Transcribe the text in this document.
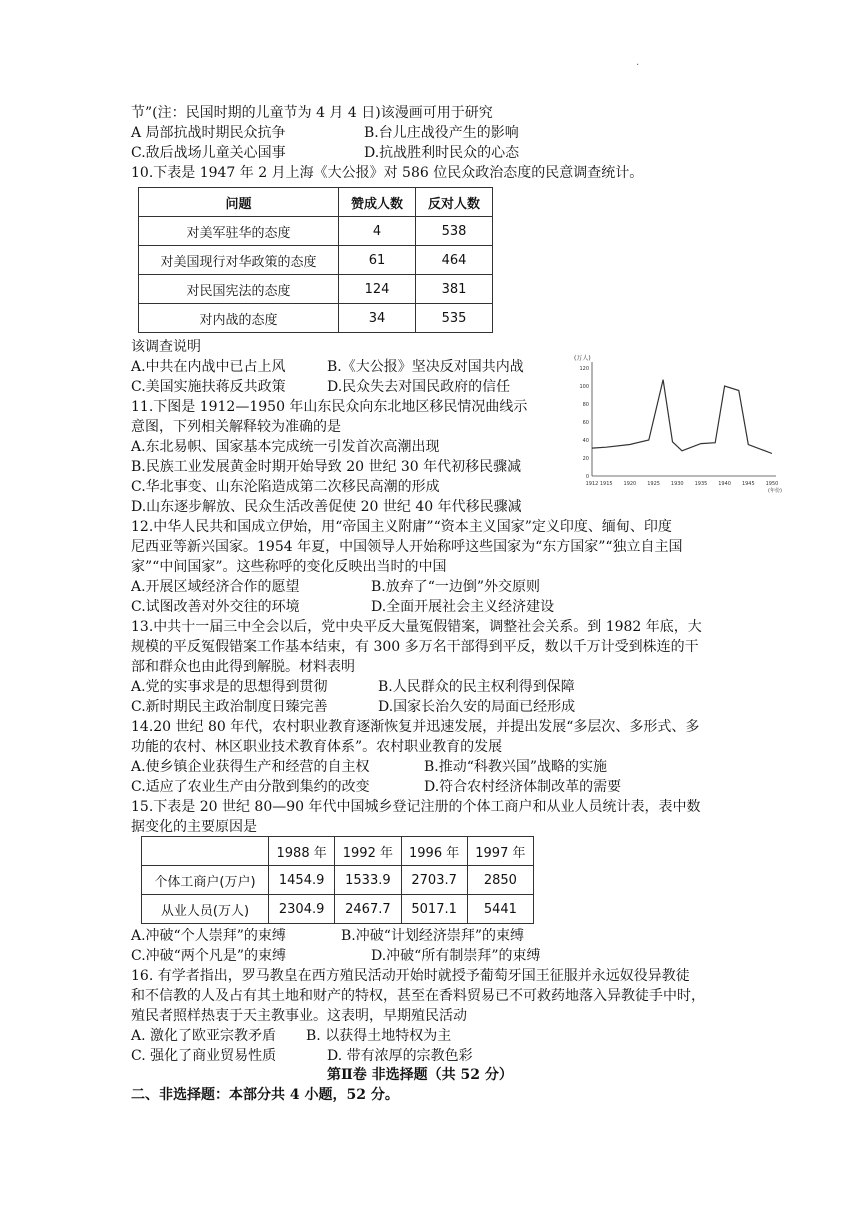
·
节”(注：民国时期的儿童节为 4 月 4 日)该漫画可用于研究
A 局部抗战时期民众抗争	B.台儿庄战役产生的影响
C.敌后战场儿童关心国事	D.抗战胜利时民众的心态
10.下表是 1947 年 2 月上海《大公报》对 586 位民众政治态度的民意调查统计。
问题	赞成人数	反对人数
对美军驻华的态度	4	538
对美国现行对华政策的态度	61	464
对民国宪法的态度	124	381
对内战的态度	34	535
该调查说明
A.中共在内战中已占上风	B.《大公报》坚决反对国共内战
C.美国实施扶蒋反共政策	D.民众失去对国民政府的信任
11.下图是 1912—1950 年山东民众向东北地区移民情况曲线示
意图，下列相关解释较为准确的是
A.东北易帜、国家基本完成统一引发首次高潮出现
B.民族工业发展黄金时期开始导致 20 世纪 30 年代初移民骤减
C.华北事变、山东沦陷造成第二次移民高潮的形成
D.山东逐步解放、民众生活改善促使 20 世纪 40 年代移民骤减
(万人)
(年份)
0
20
40
60
80
100
120
1912 1915 1920 1925 1930 1935 1940 1945 1950
12.中华人民共和国成立伊始，用“帝国主义附庸”“资本主义国家”定义印度、缅甸、印度
尼西亚等新兴国家。1954 年夏，中国领导人开始称呼这些国家为“东方国家”“独立自主国
家”“中间国家”。这些称呼的变化反映出当时的中国
A.开展区域经济合作的愿望	B.放弃了“一边倒”外交原则
C.试图改善对外交往的环境	D.全面开展社会主义经济建设
13.中共十一届三中全会以后，党中央平反大量冤假错案，调整社会关系。到 1982 年底，大
规模的平反冤假错案工作基本结束，有 300 多万名干部得到平反，数以千万计受到株连的干
部和群众也由此得到解脱。材料表明
A.党的实事求是的思想得到贯彻	B.人民群众的民主权利得到保障
C.新时期民主政治制度日臻完善	D.国家长治久安的局面已经形成
14.20 世纪 80 年代，农村职业教育逐渐恢复并迅速发展，并提出发展“多层次、多形式、多
功能的农村、林区职业技术教育体系”。农村职业教育的发展
A.使乡镇企业获得生产和经营的自主权	B.推动“科教兴国”战略的实施
C.适应了农业生产由分散到集约的改变	D.符合农村经济体制改革的需要
15.下表是 20 世纪 80—90 年代中国城乡登记注册的个体工商户和从业人员统计表，表中数
据变化的主要原因是
	1988 年	1992 年	1996 年	1997 年
个体工商户(万户)	1454.9	1533.9	2703.7	2850
从业人员(万人)	2304.9	2467.7	5017.1	5441
A.冲破“个人崇拜”的束缚	B.冲破“计划经济崇拜”的束缚
C.冲破“两个凡是”的束缚	D.冲破“所有制崇拜”的束缚
16. 有学者指出，罗马教皇在西方殖民活动开始时就授予葡萄牙国王征服并永远奴役异教徒
和不信教的人及占有其土地和财产的特权，甚至在香料贸易已不可救药地落入异教徒手中时，
殖民者照样热衷于天主教事业。这表明，早期殖民活动
A. 激化了欧亚宗教矛盾 B. 以获得土地特权为主
C. 强化了商业贸易性质	D. 带有浓厚的宗教色彩
第Ⅱ卷 非选择题（共 52 分）
二、非选择题：本部分共 4 小题，52 分。
